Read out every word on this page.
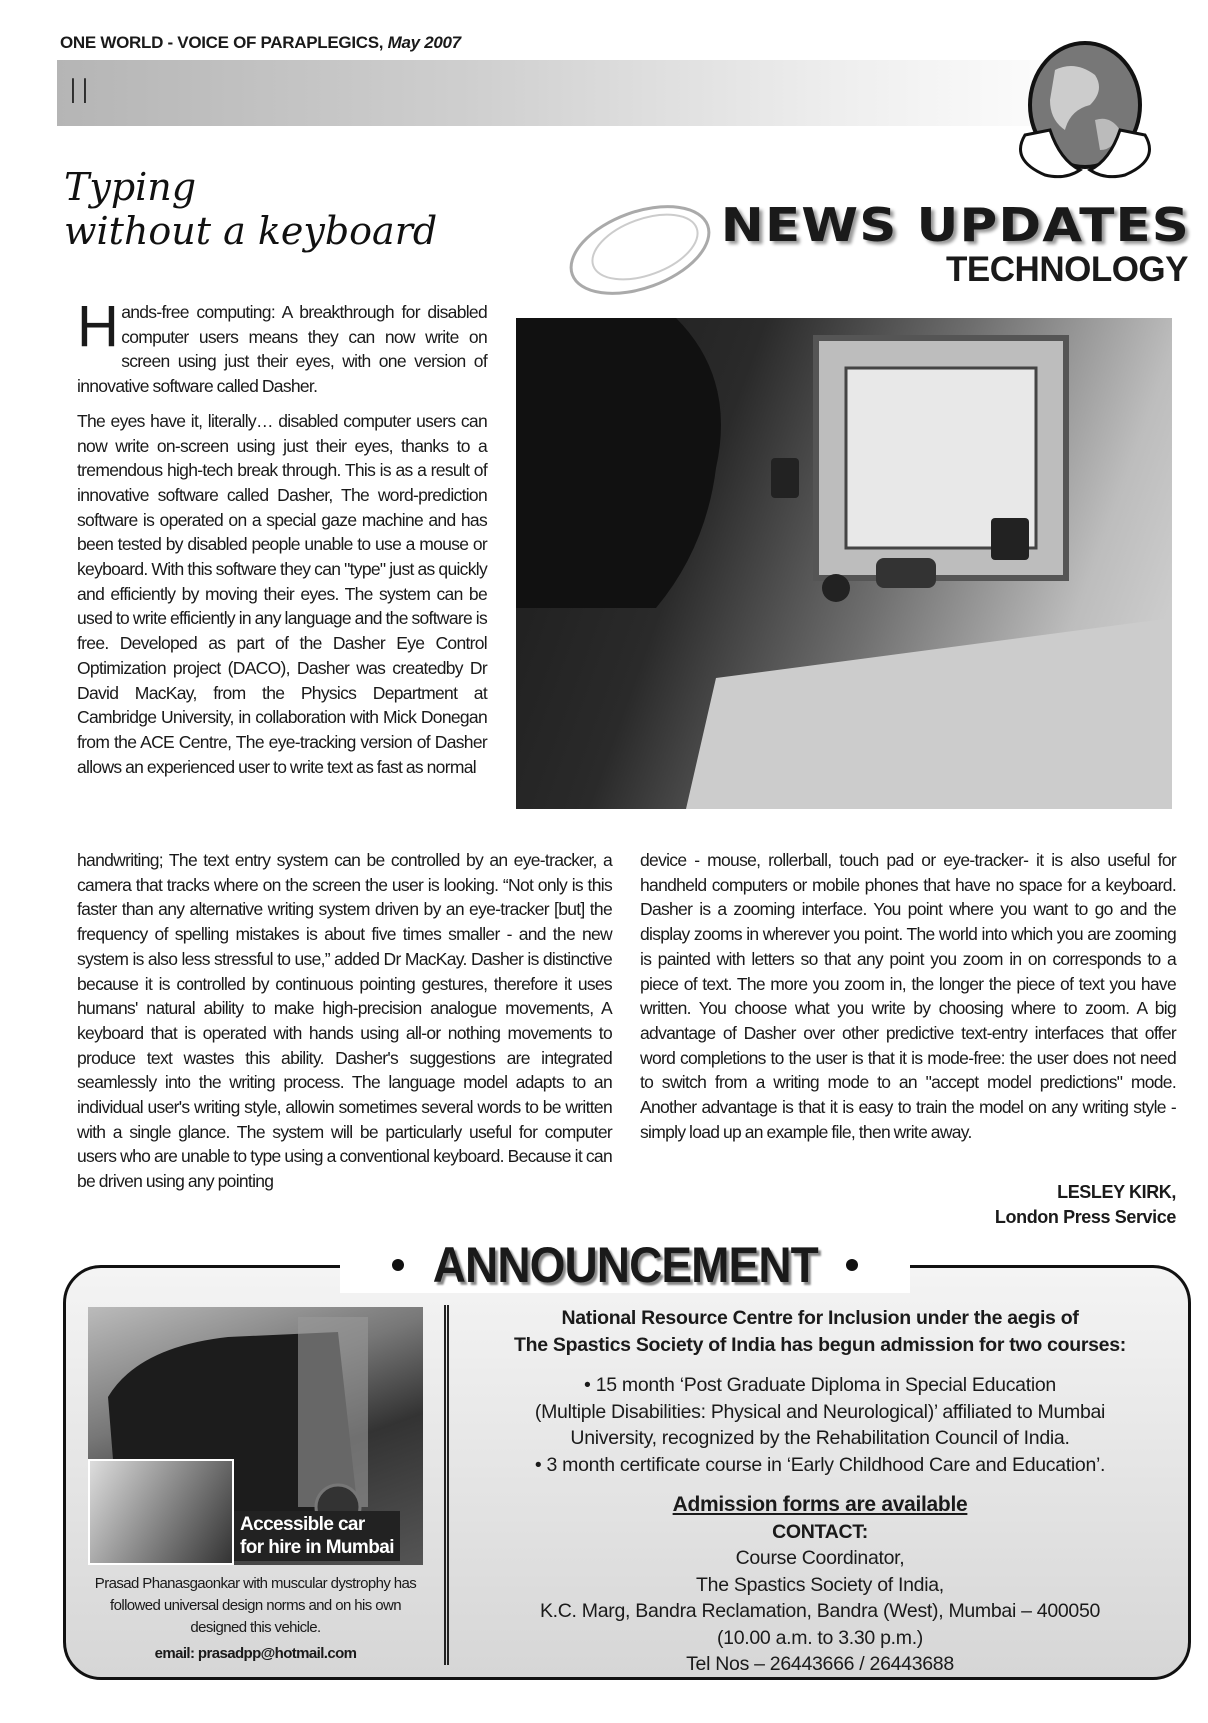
ONE WORLD - VOICE OF PARAPLEGICS, May 2007
II
Typing
without a keyboard	NEWS UPDATES
TECHNOLOGY

Hands-free computing: A breakthrough for disabled computer users means they can now write on screen using just their eyes, with one version of innovative software called Dasher.

The eyes have it, literally… disabled computer users can now write on-screen using just their eyes, thanks to a tremendous high-tech break through. This is as a result of innovative software called Dasher, The word-prediction software is operated on a special gaze machine and has been tested by disabled people unable to use a mouse or keyboard. With this software they can "type" just as quickly and efficiently by moving their eyes. The system can be used to write efficiently in any language and the software is free. Developed as part of the Dasher Eye Control Optimization project (DACO), Dasher was createdby Dr David MacKay, from the Physics Department at Cambridge University, in collaboration with Mick Donegan from the ACE Centre, The eye-tracking version of Dasher allows an experienced user to write text as fast as normal

handwriting; The text entry system can be controlled by an eye-tracker, a camera that tracks where on the screen the user is looking. “Not only is this faster than any alternative writing system driven by an eye-tracker [but] the frequency of spelling mistakes is about five times smaller - and the new system is also less stressful to use,” added Dr MacKay. Dasher is distinctive because it is controlled by continuous pointing gestures, therefore it uses humans' natural ability to make high-precision analogue movements, A keyboard that is operated with hands using all-or nothing movements to produce text wastes this ability. Dasher's suggestions are integrated seamlessly into the writing process. The language model adapts to an individual user's writing style, allowin sometimes several words to be written with a single glance. The system will be particularly useful for computer users who are unable to type using a conventional keyboard. Because it can be driven using any pointing

device - mouse, rollerball, touch pad or eye-tracker- it is also useful for handheld computers or mobile phones that have no space for a keyboard. Dasher is a zooming interface. You point where you want to go and the display zooms in wherever you point. The world into which you are zooming is painted with letters so that any point you zoom in on corresponds to a piece of text. The more you zoom in, the longer the piece of text you have written. You choose what you write by choosing where to zoom. A big advantage of Dasher over other predictive text-entry interfaces that offer word completions to the user is that it is mode-free: the user does not need to switch from a writing mode to an "accept model predictions" mode. Another advantage is that it is easy to train the model on any writing style - simply load up an example file, then write away.

LESLEY KIRK,
London Press Service
ANNOUNCEMENT
Accessible car
for hire in Mumbai
Prasad Phanasgaonkar with muscular dystrophy has followed universal design norms and on his own designed this vehicle.
email: prasadpp@hotmail.com
National Resource Centre for Inclusion under the aegis of
The Spastics Society of India has begun admission for two courses:
• 15 month ‘Post Graduate Diploma in Special Education
(Multiple Disabilities: Physical and Neurological)’ affiliated to Mumbai
University, recognized by the Rehabilitation Council of India.
• 3 month certificate course in ‘Early Childhood Care and Education’.
Admission forms are available
CONTACT:
Course Coordinator,
The Spastics Society of India,
K.C. Marg, Bandra Reclamation, Bandra (West), Mumbai – 400050
(10.00 a.m. to 3.30 p.m.)
Tel Nos – 26443666 / 26443688
